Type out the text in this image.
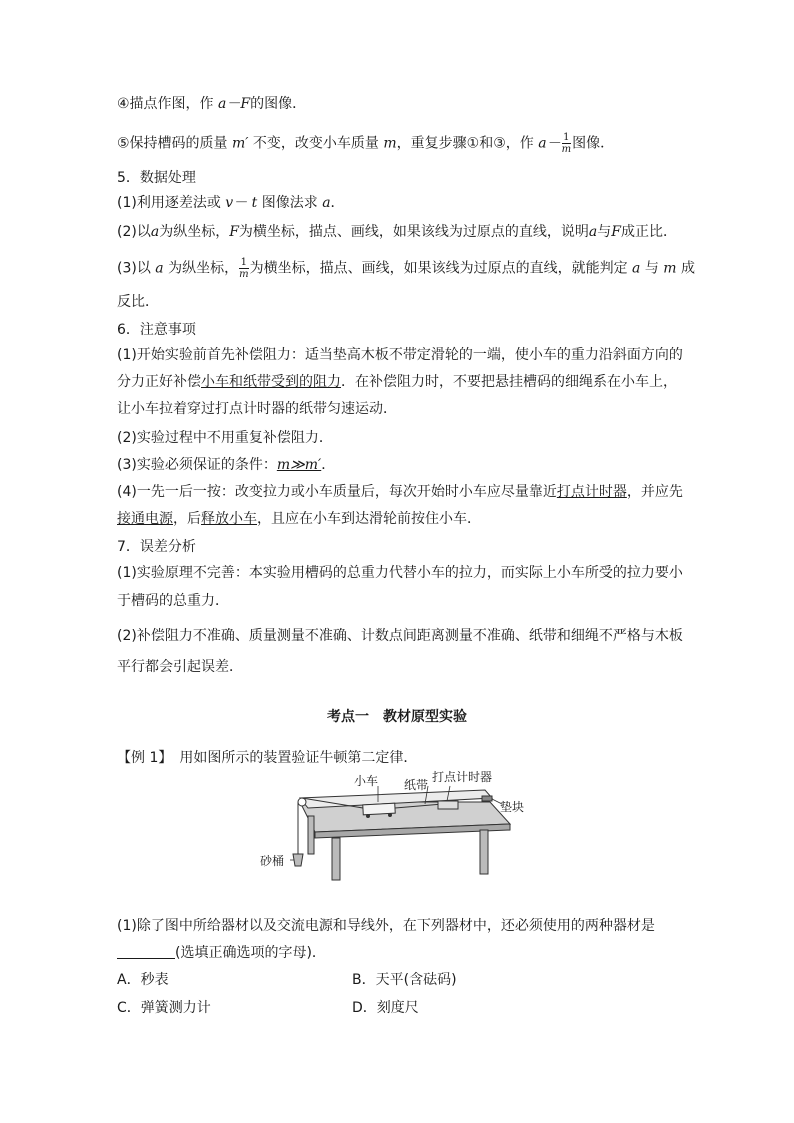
④描点作图，作 a－F的图像．
⑤保持槽码的质量 m′ 不变，改变小车质量 m，重复步骤①和③，作 $a- \frac{1}{m}$ 图像．
5．数据处理
(1)利用逐差法或 v－ t 图像法求 a．
(2)以a为纵坐标，F为横坐标，描点、画线，如果该线为过原点的直线，说明a与F成正比．
(3)以 a 为纵坐标， $\frac{1}{m}$ 为横坐标，描点、画线，如果该线为过原点的直线，就能判定 a 与 m 成
反比．
6．注意事项
(1)开始实验前首先补偿阻力：适当垫高木板不带定滑轮的一端，使小车的重力沿斜面方向的
分力正好补偿小车和纸带受到的阻力．在补偿阻力时，不要把悬挂槽码的细绳系在小车上，
让小车拉着穿过打点计时器的纸带匀速运动．
(2)实验过程中不用重复补偿阻力．
(3)实验必须保证的条件：m≫m′．
(4)一先一后一按：改变拉力或小车质量后，每次开始时小车应尽量靠近打点计时器，并应先
接通电源，后释放小车，且应在小车到达滑轮前按住小车．
7．误差分析
(1)实验原理不完善：本实验用槽码的总重力代替小车的拉力，而实际上小车所受的拉力要小
于槽码的总重力．
(2)补偿阻力不准确、质量测量不准确、计数点间距离测量不准确、纸带和细绳不严格与木板
平行都会引起误差．
考点一　教材原型实验
【例 1】　用如图所示的装置验证牛顿第二定律．
小车 纸带
打点计时器
垫块
砂桶
(1)除了图中所给器材以及交流电源和导线外，在下列器材中，还必须使用的两种器材是
(选填正确选项的字母)．
A．秒表	B．天平(含砝码)
C．弹簧测力计	D．刻度尺
